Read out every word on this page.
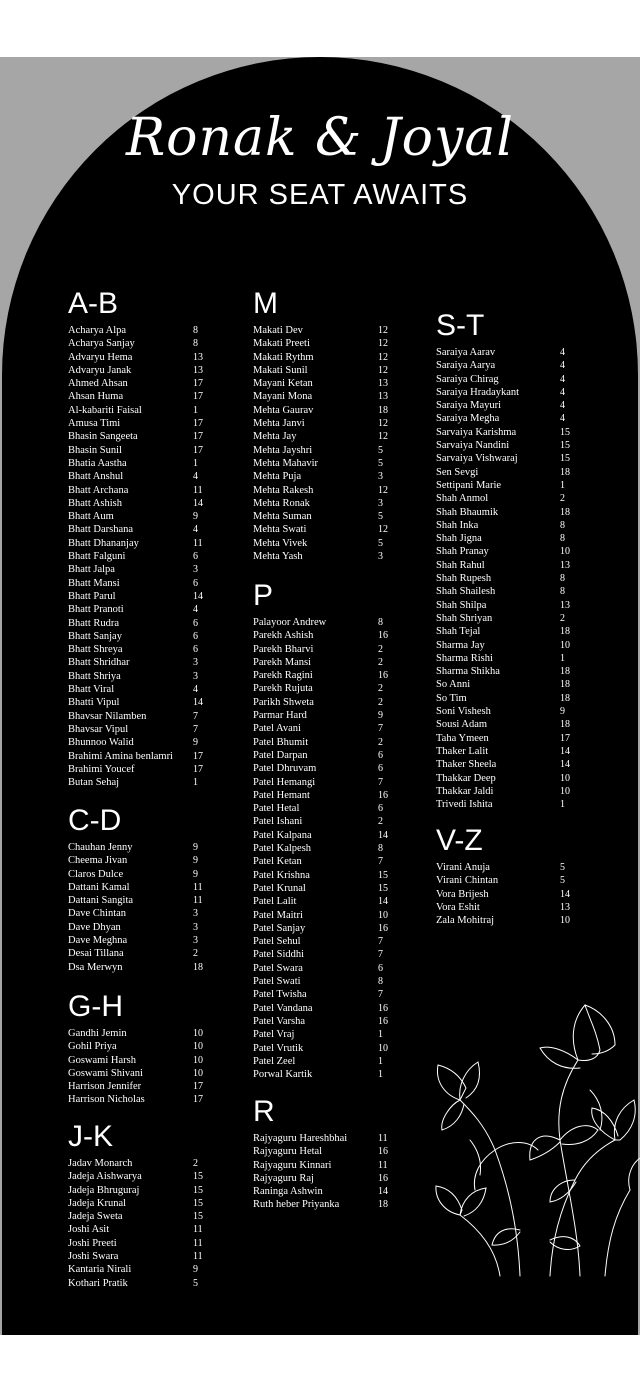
Ronak & Joyal
YOUR SEAT AWAITS
A-B
Acharya Alpa	8
Acharya Sanjay	8
Advaryu Hema	13
Advaryu Janak	13
Ahmed Ahsan	17
Ahsan Huma	17
Al-kabariti Faisal	1
Amusa Timi	17
Bhasin Sangeeta	17
Bhasin Sunil	17
Bhatia Aastha	1
Bhatt Anshul	4
Bhatt Archana	11
Bhatt Ashish	14
Bhatt Aum	9
Bhatt Darshana	4
Bhatt Dhananjay	11
Bhatt Falguni	6
Bhatt Jalpa	3
Bhatt Mansi	6
Bhatt Parul	14
Bhatt Pranoti	4
Bhatt Rudra	6
Bhatt Sanjay	6
Bhatt Shreya	6
Bhatt Shridhar	3
Bhatt Shriya	3
Bhatt Viral	4
Bhatti Vipul	14
Bhavsar Nilamben	7
Bhavsar Vipul	7
Bhunnoo Walid	9
Brahimi Amina benlamri 17
Brahimi Youcef	17
Butan Sehaj	1
C-D
Chauhan Jenny	9
Cheema Jivan	9
Claros Dulce	9
Dattani Kamal	11
Dattani Sangita	11
Dave Chintan	3
Dave Dhyan	3
Dave Meghna	3
Desai Tillana	2
Dsa Merwyn	18
G-H
Gandhi Jemin	10
Gohil Priya	10
Goswami Harsh	10
Goswami Shivani	10
Harrison Jennifer	17
Harrison Nicholas	17
J-K
Jadav Monarch	2
Jadeja Aishwarya	15
Jadeja Bhruguraj	15
Jadeja Krunal	15
Jadeja Sweta	15
Joshi Asit	11
Joshi Preeti	11
Joshi Swara	11
Kantaria Nirali	9
Kothari Pratik	5
M
Makati Dev	12
Makati Preeti	12
Makati Rythm	12
Makati Sunil	12
Mayani Ketan	13
Mayani Mona	13
Mehta Gaurav	18
Mehta Janvi	12
Mehta Jay	12
Mehta Jayshri	5
Mehta Mahavir	5
Mehta Puja	3
Mehta Rakesh	12
Mehta Ronak	3
Mehta Suman	5
Mehta Swati	12
Mehta Vivek	5
Mehta Yash	3
P
Palayoor Andrew	8
Parekh Ashish	16
Parekh Bharvi	2
Parekh Mansi	2
Parekh Ragini	16
Parekh Rujuta	2
Parikh Shweta	2
Parmar Hard	9
Patel Avani	7
Patel Bhumit	2
Patel Darpan	6
Patel Dhruvam	6
Patel Hemangi	7
Patel Hemant	16
Patel Hetal	6
Patel Ishani	2
Patel Kalpana	14
Patel Kalpesh	8
Patel Ketan	7
Patel Krishna	15
Patel Krunal	15
Patel Lalit	14
Patel Maitri	10
Patel Sanjay	16
Patel Sehul	7
Patel Siddhi	7
Patel Swara	6
Patel Swati	8
Patel Twisha	7
Patel Vandana	16
Patel Varsha	16
Patel Vraj	1
Patel Vrutik	10
Patel Zeel	1
Porwal Kartik	1
R
Rajyaguru Hareshbhai	11
Rajyaguru Hetal	16
Rajyaguru Kinnari	11
Rajyaguru Raj	16
Raninga Ashwin	14
Ruth heber Priyanka	18
S-T
Saraiya Aarav	4
Saraiya Aarya	4
Saraiya Chirag	4
Saraiya Hradaykant	4
Saraiya Mayuri	4
Saraiya Megha	4
Sarvaiya Karishma	15
Sarvaiya Nandini	15
Sarvaiya Vishwaraj	15
Sen Sevgi	18
Settipani Marie	1
Shah Anmol	2
Shah Bhaumik	18
Shah Inka	8
Shah Jigna	8
Shah Pranay	10
Shah Rahul	13
Shah Rupesh	8
Shah Shailesh	8
Shah Shilpa	13
Shah Shriyan	2
Shah Tejal	18
Sharma Jay	10
Sharma Rishi	1
Sharma Shikha	18
So Anni	18
So Tim	18
Soni Vishesh	9
Sousi Adam	18
Taha Ymeen	17
Thaker Lalit	14
Thaker Sheela	14
Thakkar Deep	10
Thakkar Jaldi	10
Trivedi Ishita	1
V-Z
Virani Anuja	5
Virani Chintan	5
Vora Brijesh	14
Vora Eshit	13
Zala Mohitraj	10
